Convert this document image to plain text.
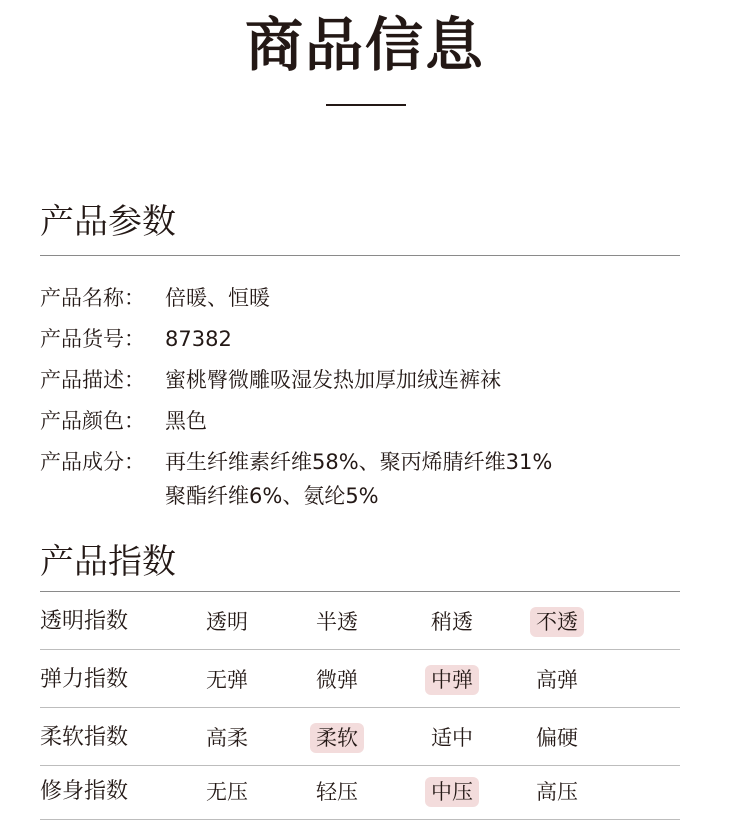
商品信息
产品参数
产品名称： 倍暖、恒暖
产品货号： 87382
产品描述： 蜜桃臀微雕吸湿发热加厚加绒连裤袜
产品颜色： 黑色
产品成分： 再生纤维素纤维58%、聚丙烯腈纤维31%
聚酯纤维6%、氨纶5%
产品指数
透明指数	透明	半透	稍透	不透
弹力指数	无弹	微弹	中弹	高弹
柔软指数	高柔	柔软	适中	偏硬
修身指数	无压	轻压	中压	高压
